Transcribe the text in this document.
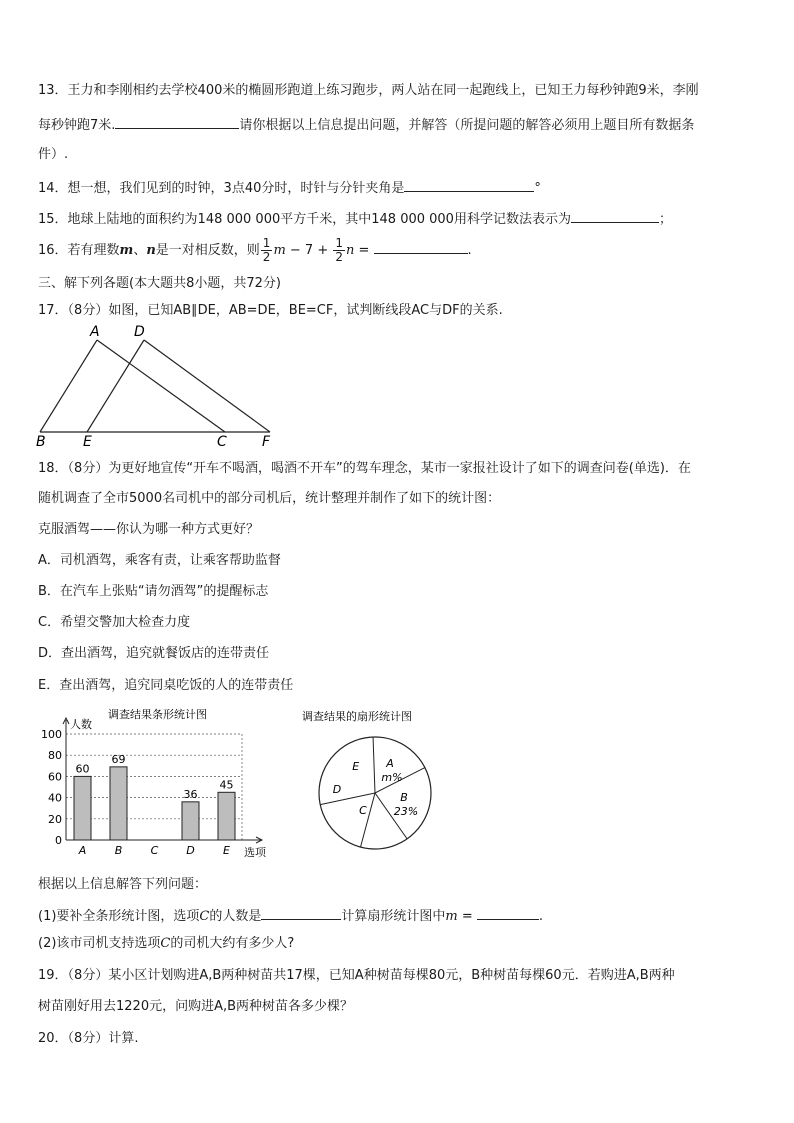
13．王力和李刚相约去学校400米的椭圆形跑道上练习跑步，两人站在同一起跑线上，已知王力每秒钟跑9米，李刚
每秒钟跑7米.	请你根据以上信息提出问题，并解答（所提问题的解答必须用上题目所有数据条
件）.
14．想一想，我们见到的时钟，3点40分时，时针与分针夹角是	°
15．地球上陆地的面积约为148 000 000平方千米，其中148 000 000用科学记数法表示为	；
16．若有理数m、n是一对相反数，则 $\frac{1}{2}$ $m - 7 + \frac{1}{2}$ n =	.
三、解下列各题(本大题共8小题，共72分)
17．（8分）如图，已知AB∥DE，AB=DE，BE=CF，试判断线段AC与DF的关系.
A D
B	E	C	F
18．（8分）为更好地宣传“开车不喝酒，喝酒不开车”的驾车理念，某市一家报社设计了如下的调查问卷(单选)．在
随机调查了全市5000名司机中的部分司机后，统计整理并制作了如下的统计图：
克服酒驾——你认为哪一种方式更好？
A．司机酒驾，乘客有责，让乘客帮助监督
B．在汽车上张贴“请勿酒驾”的提醒标志
C．希望交警加大检查力度
D．查出酒驾，追究就餐饭店的连带责任
E．查出酒驾，追究同桌吃饭的人的连带责任
调查结果条形统计图
人数
60
69
36
45
0
20
40
60
80
100
A	B	C	D	E 选项
调查结果的扇形统计图
A
m%
B
23%
C
D
E
根据以上信息解答下列问题：
(1)要补全条形统计图，选项C的人数是	计算扇形统计图中m =	.
(2)该市司机支持选项C的司机大约有多少人?
19．（8分）某小区计划购进A,B两种树苗共17棵，已知A种树苗每棵80元，B种树苗每棵60元．若购进A,B两种
树苗刚好用去1220元，问购进A,B两种树苗各多少棵？
20．（8分）计算.
